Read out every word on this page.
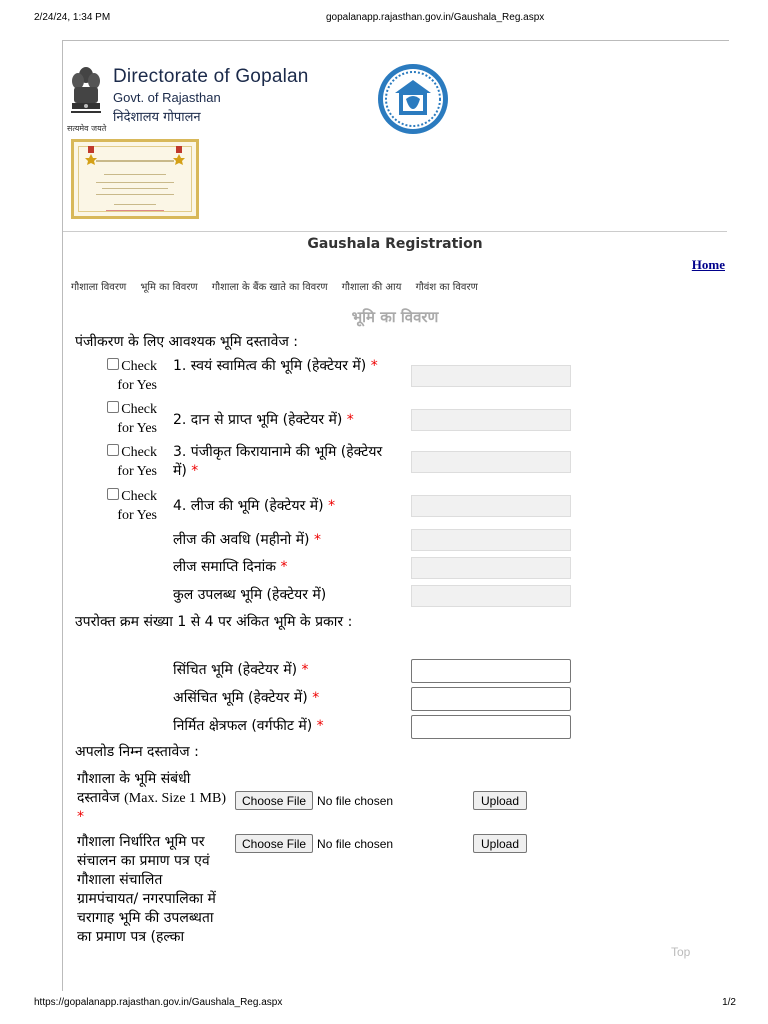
2/24/24, 1:34 PM	gopalanapp.rajasthan.gov.in/Gaushala_Reg.aspx
सत्यमेव जयते
Directorate of Gopalan
Govt. of Rajasthan
निदेशालय गोपालन
Gaushala Registration
Home
गौशाला विवरण भूमि का विवरण गौशाला के बैंक खाते का विवरण गौशाला की आय गौवंश का विवरण
भूमि का विवरण
पंजीकरण के लिए आवश्यक भूमि दस्तावेज :
Check for Yes
1. स्वयं स्वामित्व की भूमि (हेक्टेयर में) *
Check for Yes
2. दान से प्राप्त भूमि (हेक्टेयर में) *
Check for Yes
3. पंजीकृत किरायानामे की भूमि (हेक्टेयर में) *
Check for Yes
4. लीज की भूमि (हेक्टेयर में) *
लीज की अवधि (महीनो में) *
लीज समाप्ति दिनांक *
कुल उपलब्ध भूमि (हेक्टेयर में)
उपरोक्त क्रम संख्या 1 से 4 पर अंकित भूमि के प्रकार :
सिंचित भूमि (हेक्टेयर में) *
असिंचित भूमि (हेक्टेयर में) *
निर्मित क्षेत्रफल (वर्गफीट में) *
अपलोड निम्न दस्तावेज :
गौशाला के भूमि संबंधी दस्तावेज (Max. Size 1 MB) *
Choose File No file chosen	Upload
गौशाला निर्धारित भूमि पर संचालन का प्रमाण पत्र एवं गौशाला संचालित ग्रामपंचायत/ नगरपालिका में चरागाह भूमि की उपलब्धता का प्रमाण पत्र (हल्का
Choose File No file chosen	Upload
Top
https://gopalanapp.rajasthan.gov.in/Gaushala_Reg.aspx	1/2
